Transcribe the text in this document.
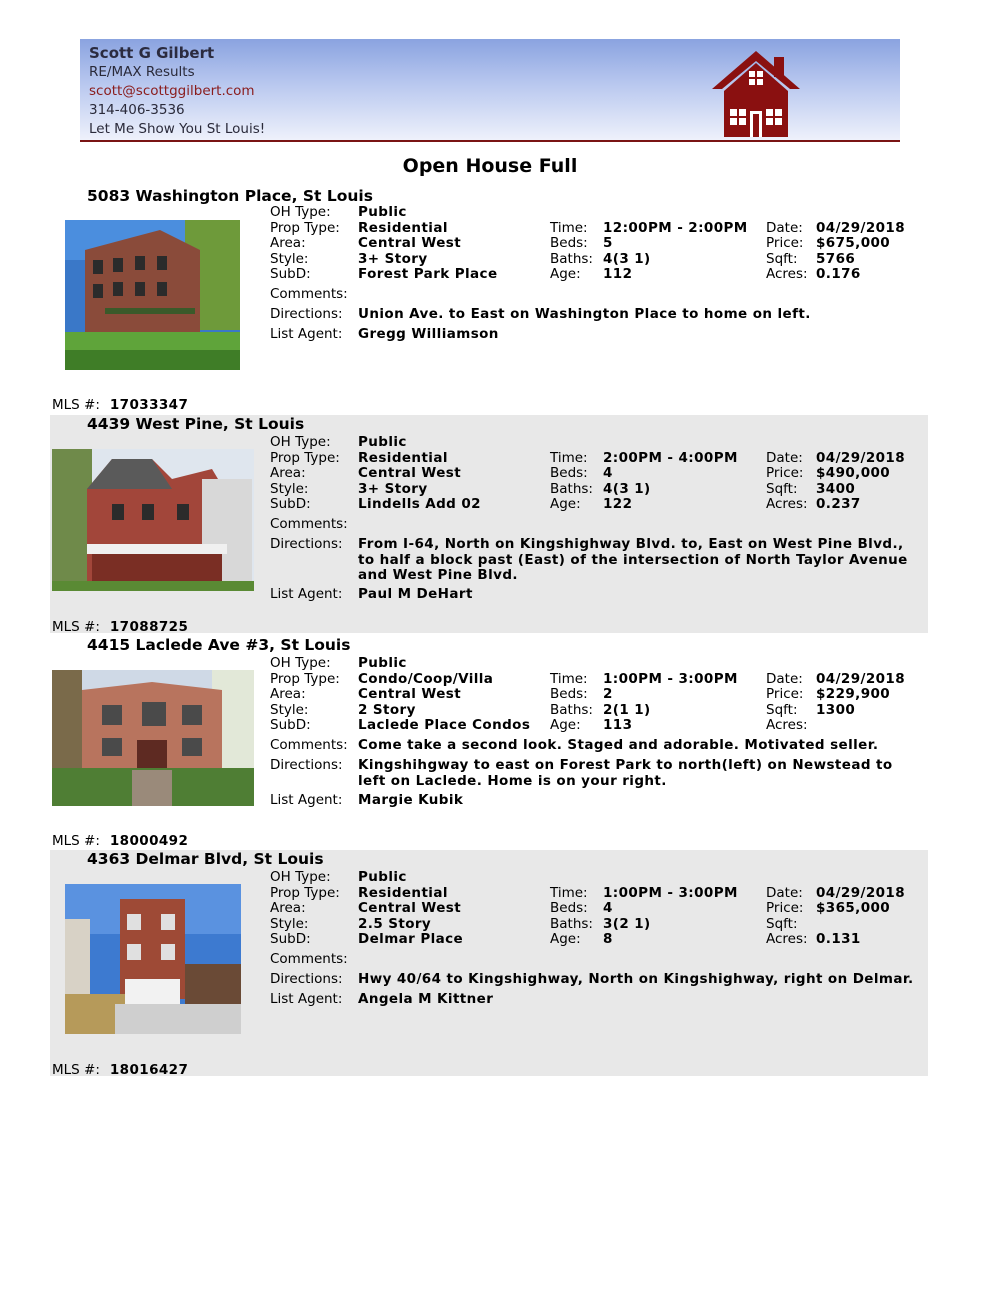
Scott G Gilbert
RE/MAX Results
scott@scottggilbert.com
314-406-3536
Let Me Show You St Louis!
Open House Full
5083 Washington Place, St Louis
OH Type: Public
Prop Type: Residential
Area:	Central West
Style:	3+ Story
SubD:	Forest Park Place
Time: 12:00PM - 2:00PM
Beds: 5
Baths: 4(3 1)
Age: 112
Date: 04/29/2018
Price: $675,000
Sqft: 5766
Acres: 0.176
Comments:
Directions: Union Ave. to East on Washington Place to home on left.
List Agent: Gregg Williamson
MLS #: 17033347
4439 West Pine, St Louis
OH Type: Public
Prop Type: Residential
Area:	Central West
Style:	3+ Story
SubD:	Lindells Add 02
Time: 2:00PM - 4:00PM
Beds: 4
Baths: 4(3 1)
Age: 122
Date: 04/29/2018
Price: $490,000
Sqft: 3400
Acres: 0.237
Comments:
Directions: From I-64, North on Kingshighway Blvd. to, East on West Pine Blvd., to half a block past (East) of the intersection of North Taylor Avenue and West Pine Blvd.
List Agent: Paul M DeHart
MLS #: 17088725
4415 Laclede Ave #3, St Louis
OH Type: Public
Prop Type: Condo/Coop/Villa
Area:	Central West
Style:	2 Story
SubD:	Laclede Place Condos
Time: 1:00PM - 3:00PM
Beds: 2
Baths: 2(1 1)
Age: 113
Date: 04/29/2018
Price: $229,900
Sqft: 1300
Acres:
Comments: Come take a second look. Staged and adorable. Motivated seller.
Directions: Kingshihgway to east on Forest Park to north(left) on Newstead to left on Laclede. Home is on your right.
List Agent: Margie Kubik
MLS #: 18000492
4363 Delmar Blvd, St Louis
OH Type: Public
Prop Type: Residential
Area:	Central West
Style:	2.5 Story
SubD:	Delmar Place
Time: 1:00PM - 3:00PM
Beds: 4
Baths: 3(2 1)
Age: 8
Date: 04/29/2018
Price: $365,000
Sqft:
Acres: 0.131
Comments:
Directions: Hwy 40/64 to Kingshighway, North on Kingshighway, right on Delmar.
List Agent: Angela M Kittner
MLS #: 18016427
